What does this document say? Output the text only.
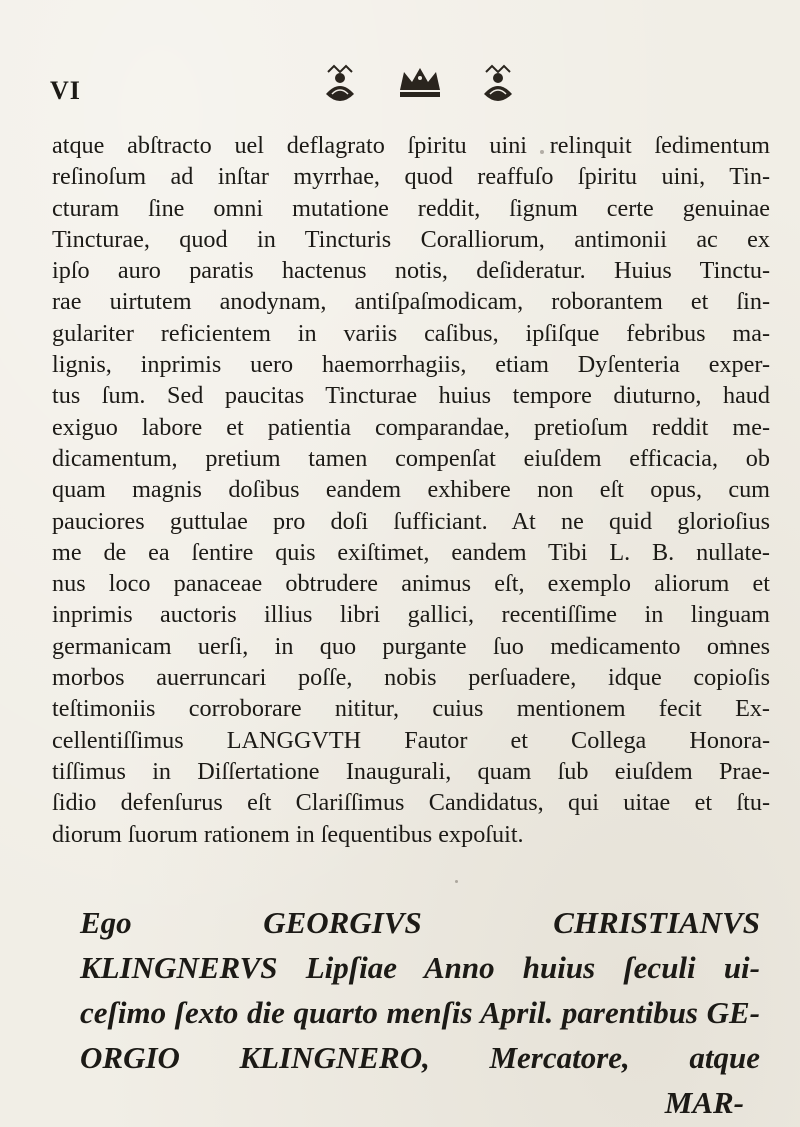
VI
atque abſtracto uel deflagrato ſpiritu uini relinquit ſedimentum
reſinoſum ad inſtar myrrhae, quod reaffuſo ſpiritu uini, Tin-
cturam ſine omni mutatione reddit, ſignum certe genuinae
Tincturae, quod in Tincturis Coralliorum, antimonii ac ex
ipſo auro paratis hactenus notis, deſideratur. Huius Tinctu-
rae uirtutem anodynam, antiſpaſmodicam, roborantem et ſin-
gulariter reficientem in variis caſibus, ipſiſque febribus ma-
lignis, inprimis uero haemorrhagiis, etiam Dyſenteria exper-
tus ſum. Sed paucitas Tincturae huius tempore diuturno, haud
exiguo labore et patientia comparandae, pretioſum reddit me-
dicamentum, pretium tamen compenſat eiuſdem efficacia, ob
quam magnis doſibus eandem exhibere non eſt opus, cum
pauciores guttulae pro doſi ſufficiant. At ne quid glorioſius
me de ea ſentire quis exiſtimet, eandem Tibi L. B. nullate-
nus loco panaceae obtrudere animus eſt, exemplo aliorum et
inprimis auctoris illius libri gallici, recentiſſime in linguam
germanicam uerſi, in quo purgante ſuo medicamento omnes
morbos auerruncari poſſe, nobis perſuadere, idque copioſis
teſtimoniis corroborare nititur, cuius mentionem fecit Ex-
cellentiſſimus LANGGVTH Fautor et Collega Honora-
tiſſimus in Diſſertatione Inaugurali, quam ſub eiuſdem Prae-
ſidio defenſurus eſt Clariſſimus Candidatus, qui uitae et ſtu-
diorum ſuorum rationem in ſequentibus expoſuit.
Ego GEORGIVS CHRISTIANVS
KLINGNERVS Lipſiae Anno huius ſeculi ui-
ceſimo ſexto die quarto menſis April. parentibus GE-
ORGIO KLINGNERO, Mercatore, atque
MAR-
